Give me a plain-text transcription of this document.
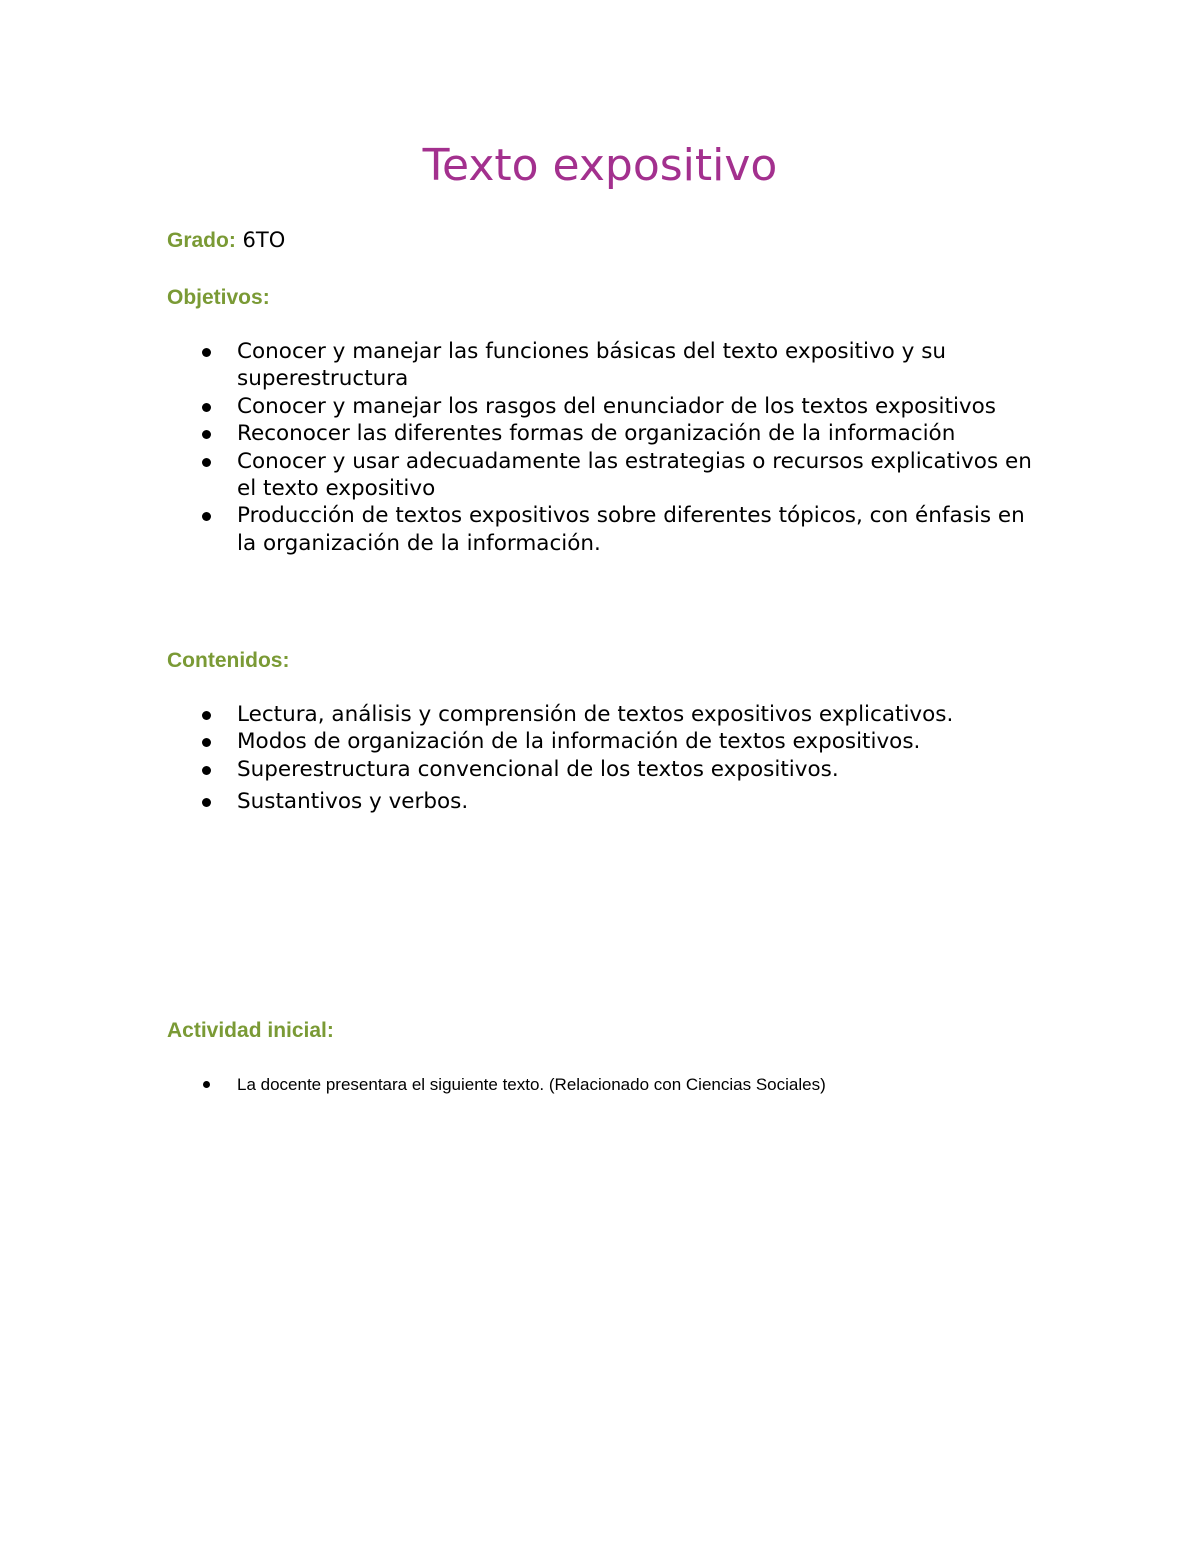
Texto expositivo
Grado: 6TO
Objetivos:
Conocer y manejar las funciones básicas del texto expositivo y su superestructura
Conocer y manejar los rasgos del enunciador de los textos expositivos
Reconocer las diferentes formas de organización de la información
Conocer y usar adecuadamente las estrategias o recursos explicativos en el texto expositivo
Producción de textos expositivos sobre diferentes tópicos, con énfasis en la organización de la información.
Contenidos:
Lectura, análisis y comprensión de textos expositivos explicativos.
Modos de organización de la información de textos expositivos.
Superestructura convencional de los textos expositivos.
Sustantivos y verbos.
Actividad inicial:
La docente presentara el siguiente texto. (Relacionado con Ciencias Sociales)
